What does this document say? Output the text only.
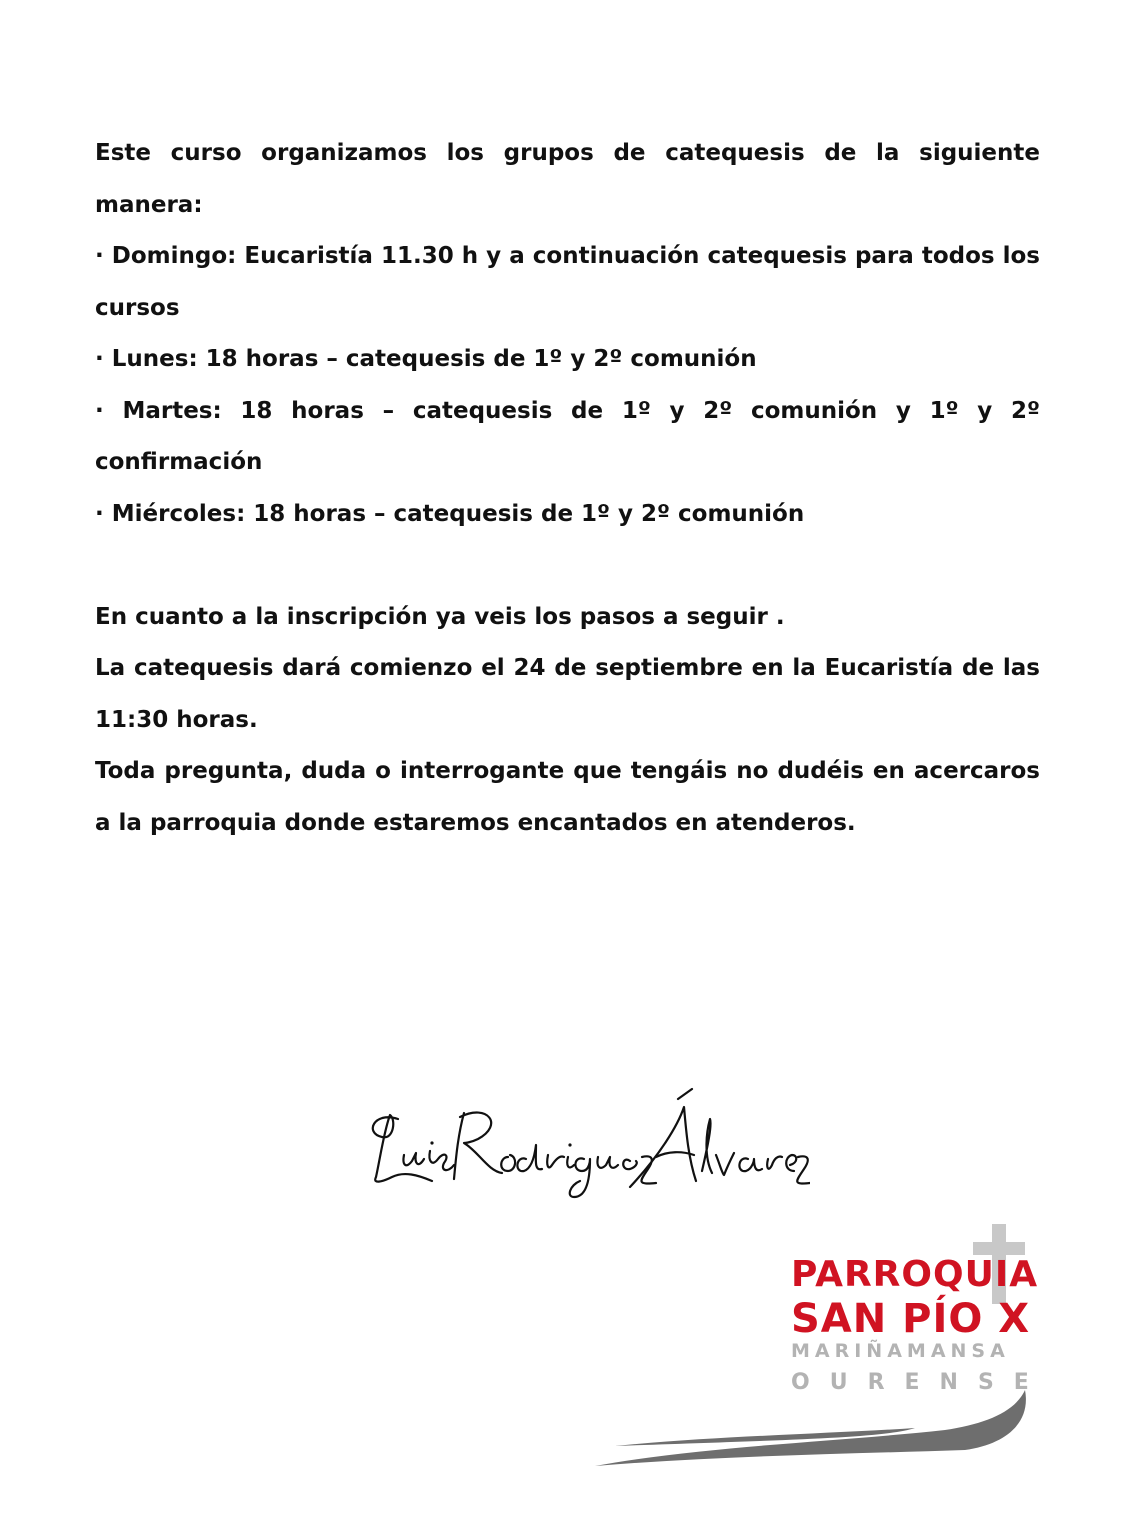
Este curso organizamos los grupos de catequesis de la siguiente manera:

· Domingo: Eucaristía 11.30 h y a continuación catequesis para todos los cursos

· Lunes: 18 horas – catequesis de 1º y 2º comunión

· Martes: 18 horas – catequesis de 1º y 2º comunión y 1º y 2º confirmación

· Miércoles: 18 horas – catequesis de 1º y 2º comunión

En cuanto a la inscripción ya veis los pasos a seguir .

La catequesis dará comienzo el 24 de septiembre en la Eucaristía de las 11:30 horas.

Toda pregunta, duda o interrogante que tengáis no dudéis en acercaros a la parroquia donde estaremos encantados en atenderos.

PARROQUIA
SAN PÍO X
MARIÑAMANSA
OURENSE
